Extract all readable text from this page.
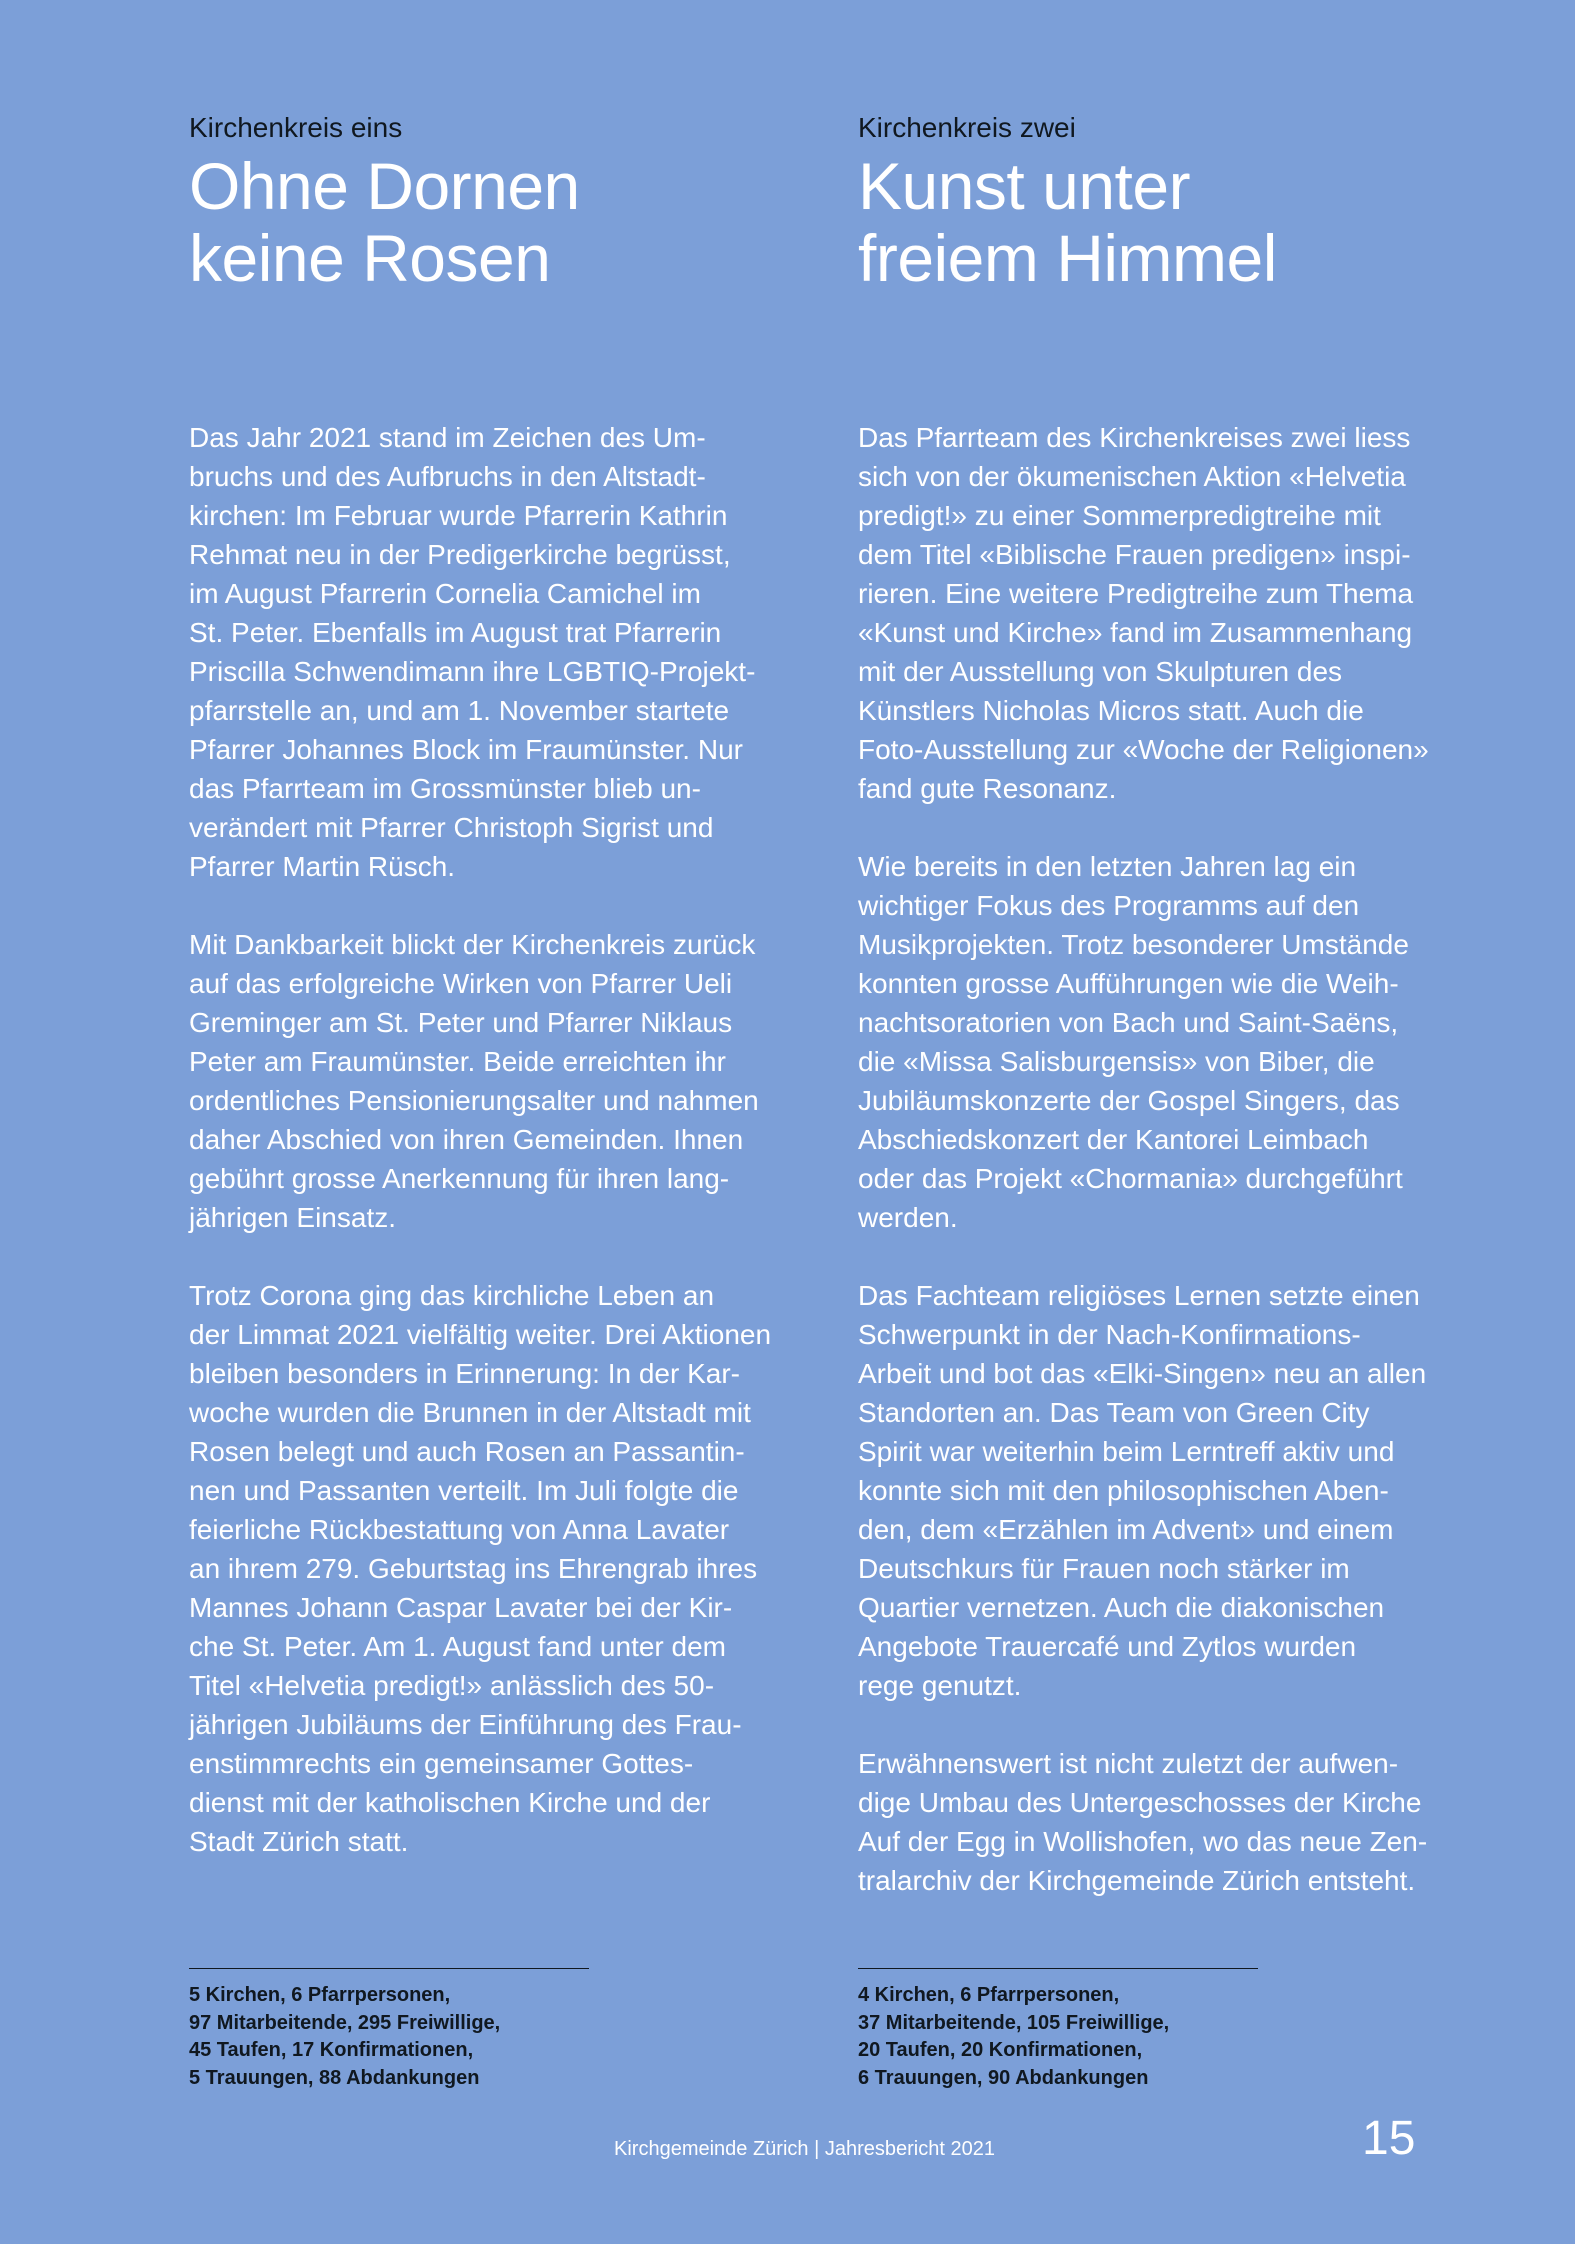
Kirchenkreis eins

Ohne Dornen
keine Rosen

Das Jahr 2021 stand im Zeichen des Um-
bruchs und des Aufbruchs in den Altstadt-
kirchen: Im Februar wurde Pfarrerin Kathrin
Rehmat neu in der Predigerkirche begrüsst,
im August Pfarrerin Cornelia Camichel im
St. Peter. Ebenfalls im August trat Pfarrerin
Priscilla Schwendimann ihre LGBTIQ-Projekt-
pfarrstelle an, und am 1. November startete
Pfarrer Johannes Block im Fraumünster. Nur
das Pfarrteam im Grossmünster blieb un-
verändert mit Pfarrer Christoph Sigrist und
Pfarrer Martin Rüsch.

Mit Dankbarkeit blickt der Kirchenkreis zurück
auf das erfolgreiche Wirken von Pfarrer Ueli
Greminger am St. Peter und Pfarrer Niklaus
Peter am Fraumünster. Beide erreichten ihr
ordentliches Pensionierungsalter und nahmen
daher Abschied von ihren Gemeinden. Ihnen
gebührt grosse Anerkennung für ihren lang-
jährigen Einsatz.

Trotz Corona ging das kirchliche Leben an
der Limmat 2021 vielfältig weiter. Drei Aktionen
bleiben besonders in Erinnerung: In der Kar-
woche wurden die Brunnen in der Altstadt mit
Rosen belegt und auch Rosen an Passantin-
nen und Passanten verteilt. Im Juli folgte die
feierliche Rückbestattung von Anna Lavater
an ihrem 279. Geburtstag ins Ehrengrab ihres
Mannes Johann Caspar Lavater bei der Kir-
che St. Peter. Am 1. August fand unter dem
Titel «Helvetia predigt!» anlässlich des 50-
jährigen Jubiläums der Einführung des Frau-
enstimmrechts ein gemeinsamer Gottes-
dienst mit der katholischen Kirche und der
Stadt Zürich statt.

Kirchenkreis zwei

Kunst unter
freiem Himmel

Das Pfarrteam des Kirchenkreises zwei liess
sich von der ökumenischen Aktion «Helvetia
predigt!» zu einer Sommerpredigtreihe mit
dem Titel «Biblische Frauen predigen» inspi-
rieren. Eine weitere Predigtreihe zum Thema
«Kunst und Kirche» fand im Zusammenhang
mit der Ausstellung von Skulpturen des
Künstlers Nicholas Micros statt. Auch die
Foto-Ausstellung zur «Woche der Religionen»
fand gute Resonanz.

Wie bereits in den letzten Jahren lag ein
wichtiger Fokus des Programms auf den
Musikprojekten. Trotz besonderer Umstände
konnten grosse Aufführungen wie die Weih-
nachtsoratorien von Bach und Saint-Saëns,
die «Missa Salisburgensis» von Biber, die
Jubiläumskonzerte der Gospel Singers, das
Abschiedskonzert der Kantorei Leimbach
oder das Projekt «Chormania» durchgeführt
werden.

Das Fachteam religiöses Lernen setzte einen
Schwerpunkt in der Nach-Konfirmations-
Arbeit und bot das «Elki-Singen» neu an allen
Standorten an. Das Team von Green City
Spirit war weiterhin beim Lerntreff aktiv und
konnte sich mit den philosophischen Aben-
den, dem «Erzählen im Advent» und einem
Deutschkurs für Frauen noch stärker im
Quartier vernetzen. Auch die diakonischen
Angebote Trauercafé und Zytlos wurden
rege genutzt.

Erwähnenswert ist nicht zuletzt der aufwen-
dige Umbau des Untergeschosses der Kirche
Auf der Egg in Wollishofen, wo das neue Zen-
tralarchiv der Kirchgemeinde Zürich entsteht.

5 Kirchen, 6 Pfarrpersonen,
97 Mitarbeitende, 295 Freiwillige,
45 Taufen, 17 Konfirmationen,
5 Trauungen, 88 Abdankungen
4 Kirchen, 6 Pfarrpersonen,
37 Mitarbeitende, 105 Freiwillige,
20 Taufen, 20 Konfirmationen,
6 Trauungen, 90 Abdankungen
Kirchgemeinde Zürich | Jahresbericht 2021	15
